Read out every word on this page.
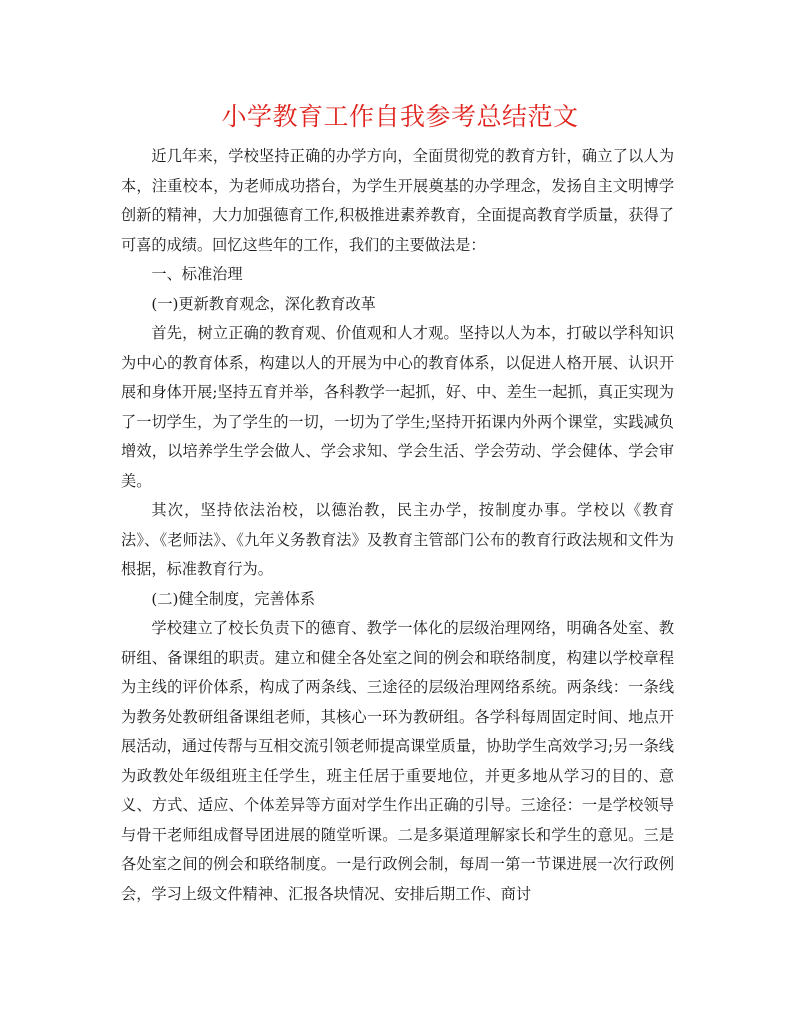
小学教育工作自我参考总结范文

近几年来，学校坚持正确的办学方向，全面贯彻党的教育方针，确立了以人为本，注重校本，为老师成功搭台，为学生开展奠基的办学理念，发扬自主文明博学创新的精神，大力加强德育工作,积极推进素养教育，全面提高教育学质量，获得了可喜的成绩。回忆这些年的工作，我们的主要做法是：

一、标准治理

(一)更新教育观念，深化教育改革

首先，树立正确的教育观、价值观和人才观。坚持以人为本，打破以学科知识为中心的教育体系，构建以人的开展为中心的教育体系，以促进人格开展、认识开展和身体开展;坚持五育并举，各科教学一起抓，好、中、差生一起抓，真正实现为了一切学生，为了学生的一切，一切为了学生;坚持开拓课内外两个课堂，实践减负增效，以培养学生学会做人、学会求知、学会生活、学会劳动、学会健体、学会审美。

其次，坚持依法治校，以德治教，民主办学，按制度办事。学校以《教育法》、《老师法》、《九年义务教育法》及教育主管部门公布的教育行政法规和文件为根据，标准教育行为。

(二)健全制度，完善体系

学校建立了校长负责下的德育、教学一体化的层级治理网络，明确各处室、教研组、备课组的职责。建立和健全各处室之间的例会和联络制度，构建以学校章程为主线的评价体系，构成了两条线、三途径的层级治理网络系统。两条线：一条线为教务处教研组备课组老师，其核心一环为教研组。各学科每周固定时间、地点开展活动，通过传帮与互相交流引领老师提高课堂质量，协助学生高效学习;另一条线为政教处年级组班主任学生，班主任居于重要地位，并更多地从学习的目的、意义、方式、适应、个体差异等方面对学生作出正确的引导。三途径：一是学校领导与骨干老师组成督导团进展的随堂听课。二是多渠道理解家长和学生的意见。三是各处室之间的例会和联络制度。一是行政例会制，每周一第一节课进展一次行政例会，学习上级文件精神、汇报各块情况、安排后期工作、商讨
